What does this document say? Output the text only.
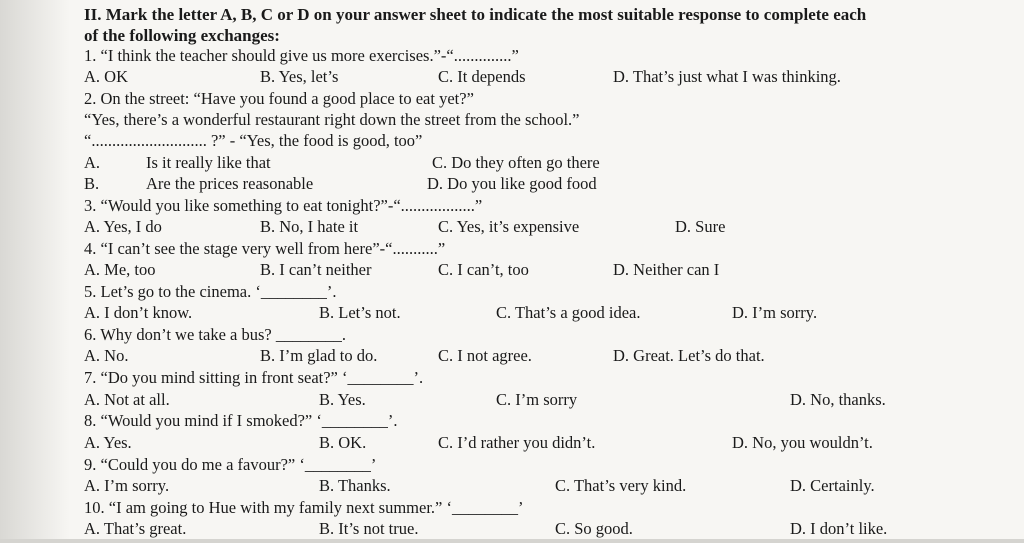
II. Mark the letter A, B, C or D on your answer sheet to indicate the most suitable response to complete each
of the following exchanges:
1. “I think the teacher should give us more exercises.”-“..............”
A. OK	B. Yes, let’s	C. It depends	D. That’s just what I was thinking.
2. On the street: “Have you found a good place to eat yet?”
“Yes, there’s a wonderful restaurant right down the street from the school.”
“............................ ?” - “Yes, the food is good, too”
A.	Is it really like that	C. Do they often go there
B.	Are the prices reasonable	D. Do you like good food
3. “Would you like something to eat tonight?”-“..................”
A. Yes, I do	B. No, I hate it	C. Yes, it’s expensive	D. Sure
4. “I can’t see the stage very well from here”-“...........”
A. Me, too	B. I can’t neither	C. I can’t, too	D. Neither can I
5. Let’s go to the cinema. ‘________’.
A. I don’t know.	B. Let’s not.	C. That’s a good idea.	D. I’m sorry.
6. Why don’t we take a bus? ________.
A. No.	B. I’m glad to do.	C. I not agree.	D. Great. Let’s do that.
7. “Do you mind sitting in front seat?” ‘________’.
A. Not at all.	B. Yes.	C. I’m sorry	D. No, thanks.
8. “Would you mind if I smoked?” ‘________’.
A. Yes.	B. OK.	C. I’d rather you didn’t.	D. No, you wouldn’t.
9. “Could you do me a favour?” ‘________’
A. I’m sorry.	B. Thanks.	C. That’s very kind.	D. Certainly.
10. “I am going to Hue with my family next summer.” ‘________’
A. That’s great.	B. It’s not true.	C. So good.	D. I don’t like.
